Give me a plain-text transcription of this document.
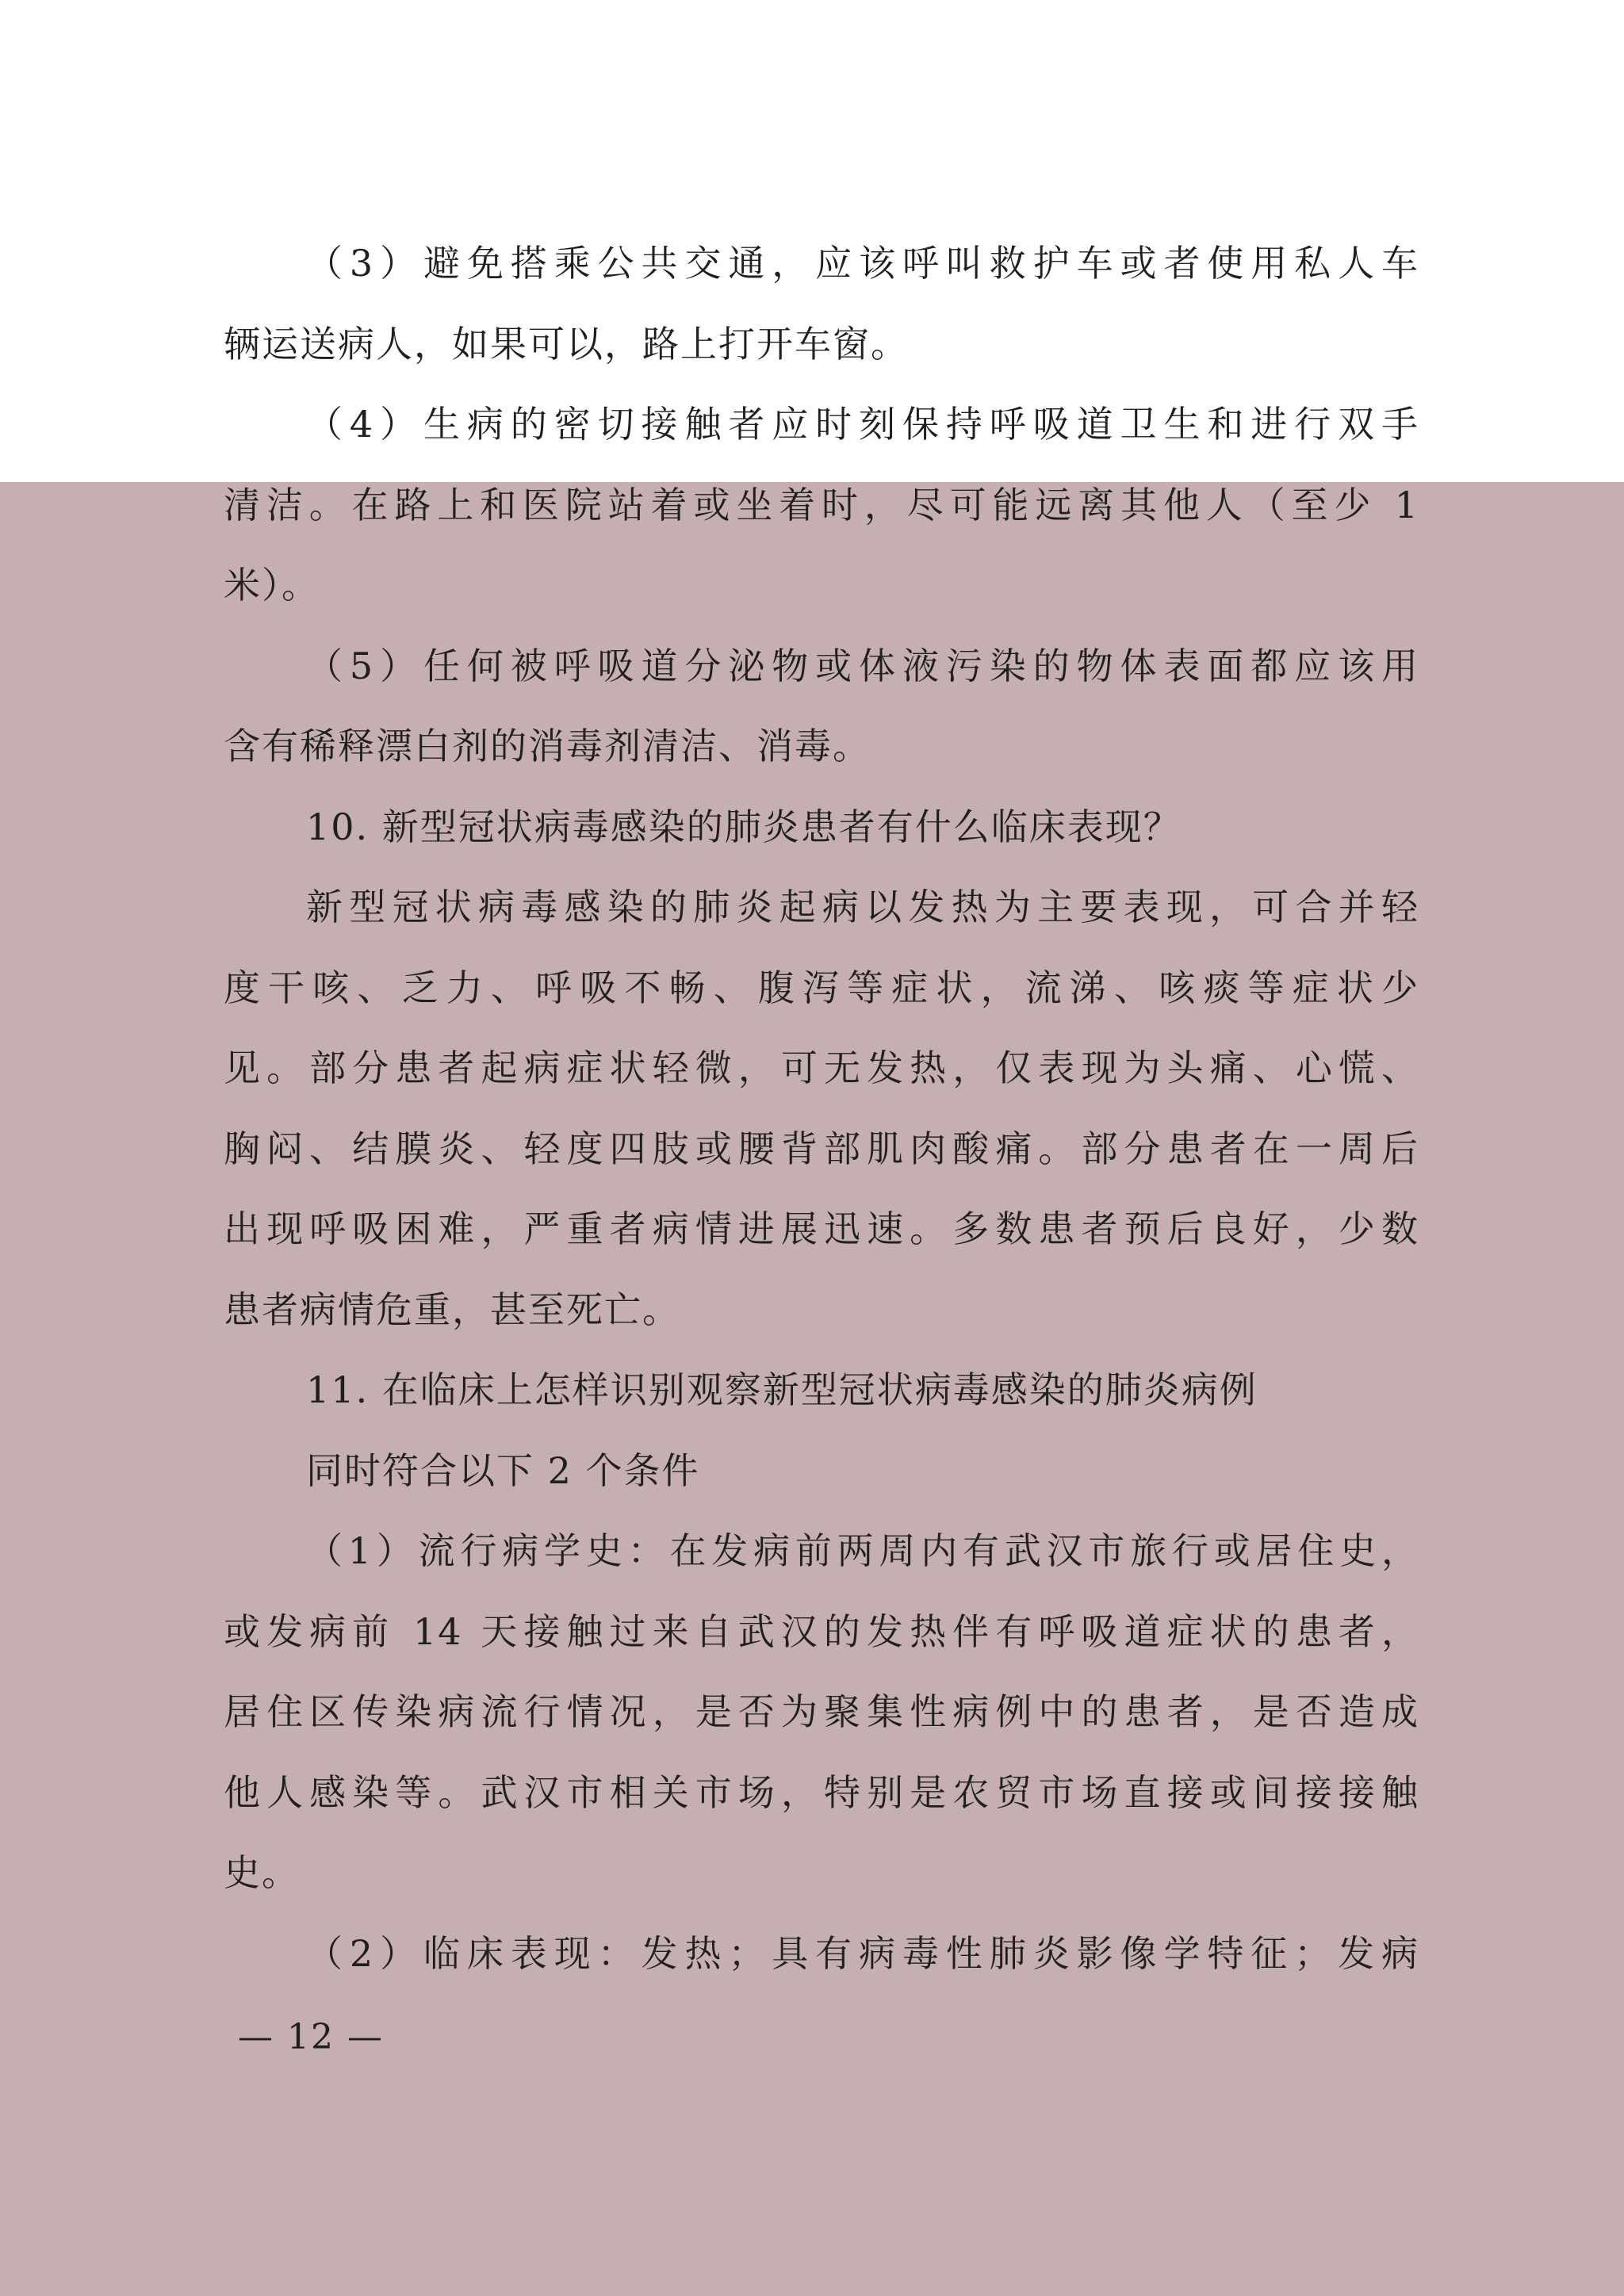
（3）避免搭乘公共交通，应该呼叫救护车或者使用私人车
辆运送病人，如果可以，路上打开车窗。
（4）生病的密切接触者应时刻保持呼吸道卫生和进行双手
清洁。在路上和医院站着或坐着时，尽可能远离其他人（至少 1
米）。
（5）任何被呼吸道分泌物或体液污染的物体表面都应该用
含有稀释漂白剂的消毒剂清洁、消毒。
10. 新型冠状病毒感染的肺炎患者有什么临床表现？
新型冠状病毒感染的肺炎起病以发热为主要表现，可合并轻
度干咳、乏力、呼吸不畅、腹泻等症状，流涕、咳痰等症状少
见。部分患者起病症状轻微，可无发热，仅表现为头痛、心慌、
胸闷、结膜炎、轻度四肢或腰背部肌肉酸痛。部分患者在一周后
出现呼吸困难，严重者病情进展迅速。多数患者预后良好，少数
患者病情危重，甚至死亡。
11. 在临床上怎样识别观察新型冠状病毒感染的肺炎病例
同时符合以下 2 个条件
（1）流行病学史：在发病前两周内有武汉市旅行或居住史，
或发病前 14 天接触过来自武汉的发热伴有呼吸道症状的患者，
居住区传染病流行情况，是否为聚集性病例中的患者，是否造成
他人感染等。武汉市相关市场，特别是农贸市场直接或间接接触
史。
（2）临床表现：发热；具有病毒性肺炎影像学特征；发病
— 12 —
